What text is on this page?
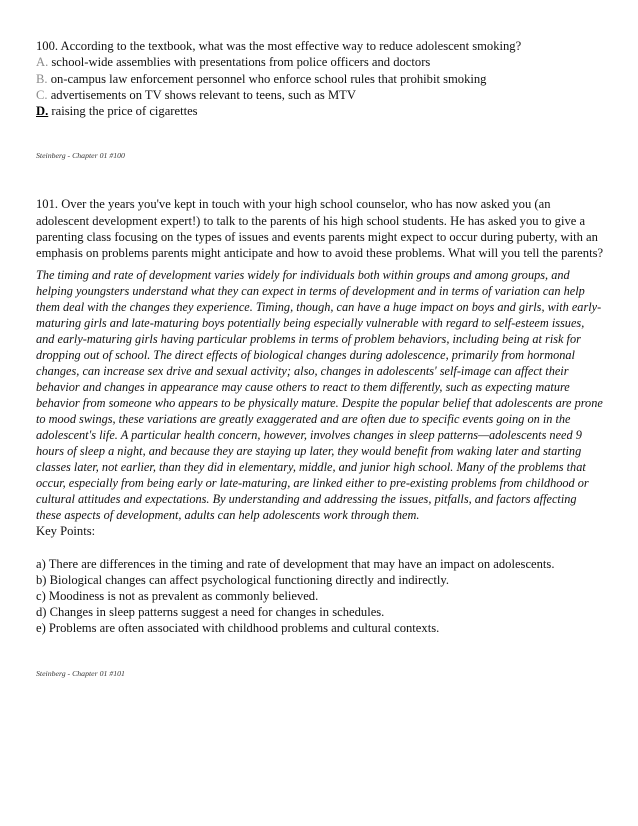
100. According to the textbook, what was the most effective way to reduce adolescent smoking?

A. school-wide assemblies with presentations from police officers and doctors

B. on-campus law enforcement personnel who enforce school rules that prohibit smoking

C. advertisements on TV shows relevant to teens, such as MTV

D. raising the price of cigarettes

Steinberg - Chapter 01 #100

101. Over the years you've kept in touch with your high school counselor, who has now asked you (an adolescent development expert!) to talk to the parents of his high school students. He has asked you to give a parenting class focusing on the types of issues and events parents might expect to occur during puberty, with an emphasis on problems parents might anticipate and how to avoid these problems. What will you tell the parents?

The timing and rate of development varies widely for individuals both within groups and among groups, and helping youngsters understand what they can expect in terms of development and in terms of variation can help them deal with the changes they experience. Timing, though, can have a huge impact on boys and girls, with early-maturing girls and late-maturing boys potentially being especially vulnerable with regard to self-esteem issues, and early-maturing girls having particular problems in terms of problem behaviors, including being at risk for dropping out of school. The direct effects of biological changes during adolescence, primarily from hormonal changes, can increase sex drive and sexual activity; also, changes in adolescents' self-image can affect their behavior and changes in appearance may cause others to react to them differently, such as expecting mature behavior from someone who appears to be physically mature. Despite the popular belief that adolescents are prone to mood swings, these variations are greatly exaggerated and are often due to specific events going on in the adolescent's life. A particular health concern, however, involves changes in sleep patterns—adolescents need 9 hours of sleep a night, and because they are staying up later, they would benefit from waking later and starting classes later, not earlier, than they did in elementary, middle, and junior high school. Many of the problems that occur, especially from being early or late-maturing, are linked either to pre-existing problems from childhood or cultural attitudes and expectations. By understanding and addressing the issues, pitfalls, and factors affecting these aspects of development, adults can help adolescents work through them.

Key Points:

a) There are differences in the timing and rate of development that may have an impact on adolescents.

b) Biological changes can affect psychological functioning directly and indirectly.

c) Moodiness is not as prevalent as commonly believed.

d) Changes in sleep patterns suggest a need for changes in schedules.

e) Problems are often associated with childhood problems and cultural contexts.

Steinberg - Chapter 01 #101
